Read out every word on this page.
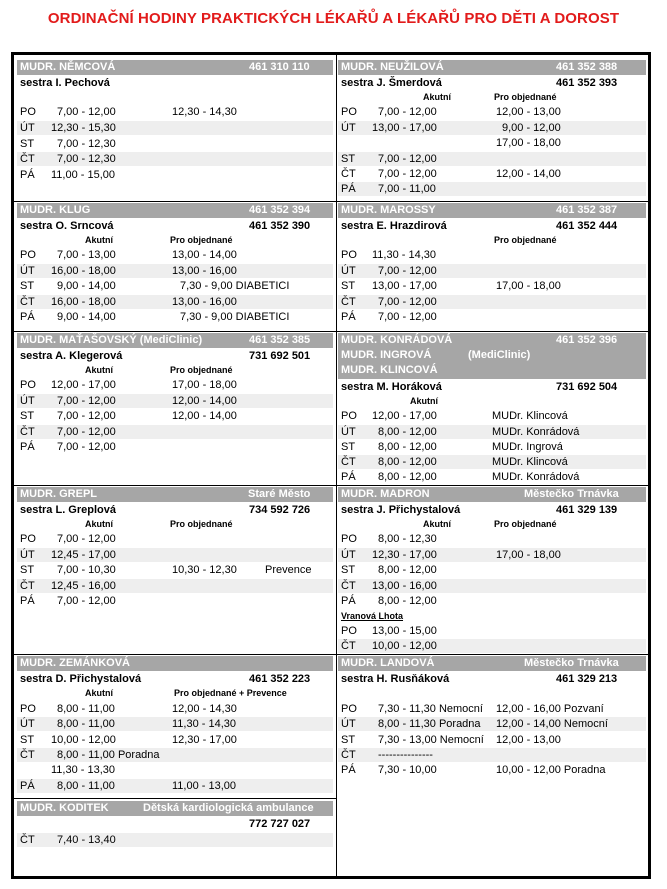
ORDINAČNÍ HODINY PRAKTICKÝCH LÉKAŘŮ A LÉKAŘŮ PRO DĚTI A DOROST
MUDR. NĚMCOVÁ	461 310 110
sestra I. Pechová
PO 7,00 - 12,00	12,30 - 14,30
ÚT 12,30 - 15,30
ST 7,00 - 12,30
ČT 7,00 - 12,30
PÁ 11,00 - 15,00
MUDR. NEUŽILOVÁ	461 352 388
sestra J. Šmerdová	461 352 393
Akutní	Pro objednané
PO 7,00 - 12,00	12,00 - 13,00
ÚT 13,00 - 17,00	9,00 - 12,00
17,00 - 18,00
ST 7,00 - 12,00
ČT 7,00 - 12,00	12,00 - 14,00
PÁ 7,00 - 11,00
MUDR. KLUG	461 352 394
sestra O. Srncová	461 352 390
Akutní	Pro objednané
PO 7,00 - 13,00	13,00 - 14,00
ÚT 16,00 - 18,00	13,00 - 16,00
ST 9,00 - 14,00	7,30 - 9,00 DIABETICI
ČT 16,00 - 18,00	13,00 - 16,00
PÁ 9,00 - 14,00	7,30 - 9,00 DIABETICI
MUDR. MAROSSY	461 352 387
sestra E. Hrazdirová	461 352 444
Pro objednané
PO 11,30 - 14,30
ÚT 7,00 - 12,00
ST 13,00 - 17,00	17,00 - 18,00
ČT 7,00 - 12,00
PÁ 7,00 - 12,00
MUDR. MAŤAŠOVSKÝ (MediClinic)	461 352 385
sestra A. Klegerová	731 692 501
Akutní	Pro objednané
PO 12,00 - 17,00	17,00 - 18,00
ÚT 7,00 - 12,00	12,00 - 14,00
ST 7,00 - 12,00	12,00 - 14,00
ČT 7,00 - 12,00
PÁ 7,00 - 12,00
MUDR. KONRÁDOVÁ	461 352 396
MUDR. INGROVÁ	(MediClinic)
MUDR. KLINCOVÁ
sestra M. Horáková	731 692 504
Akutní
PO 12,00 - 17,00	MUDr. Klincová
ÚT 8,00 - 12,00	MUDr. Konrádová
ST 8,00 - 12,00	MUDr. Ingrová
ČT 8,00 - 12,00	MUDr. Klincová
PÁ 8,00 - 12,00	MUDr. Konrádová
MUDR. GREPL	Staré Město
sestra L. Greplová	734 592 726
Akutní	Pro objednané
PO 7,00 - 12,00
ÚT 12,45 - 17,00
ST 7,00 - 10,30	10,30 - 12,30	Prevence
ČT 12,45 - 16,00
PÁ 7,00 - 12,00
MUDR. MADRON	Městečko Trnávka
sestra J. Přichystalová	461 329 139
Akutní	Pro objednané
PO 8,00 - 12,30
ÚT 12,30 - 17,00	17,00 - 18,00
ST 8,00 - 12,00
ČT 13,00 - 16,00
PÁ 8,00 - 12,00
Vranová Lhota
PO 13,00 - 15,00
ČT 10,00 - 12,00
MUDR. ZEMÁNKOVÁ
sestra D. Přichystalová	461 352 223
Akutní	Pro objednané + Prevence
PO 8,00 - 11,00	12,00 - 14,30
ÚT 8,00 - 11,00	11,30 - 14,30
ST 10,00 - 12,00	12,30 - 17,00
ČT 8,00 - 11,00 Poradna
11,30 - 13,30
PÁ 8,00 - 11,00	11,00 - 13,00
MUDR. LANDOVÁ	Městečko Trnávka
sestra H. Rusňáková	461 329 213
PO 7,30 - 11,30 Nemocní 12,00 - 16,00 Pozvaní
ÚT 8,00 - 11,30 Poradna 12,00 - 14,00 Nemocní
ST 7,30 - 13,00 Nemocní 12,00 - 13,00
ČT ---------------
PÁ 7,30 - 10,00	10,00 - 12,00 Poradna
MUDR. KODITEK	Dětská kardiologická ambulance
772 727 027
ČT 7,40 - 13,40
